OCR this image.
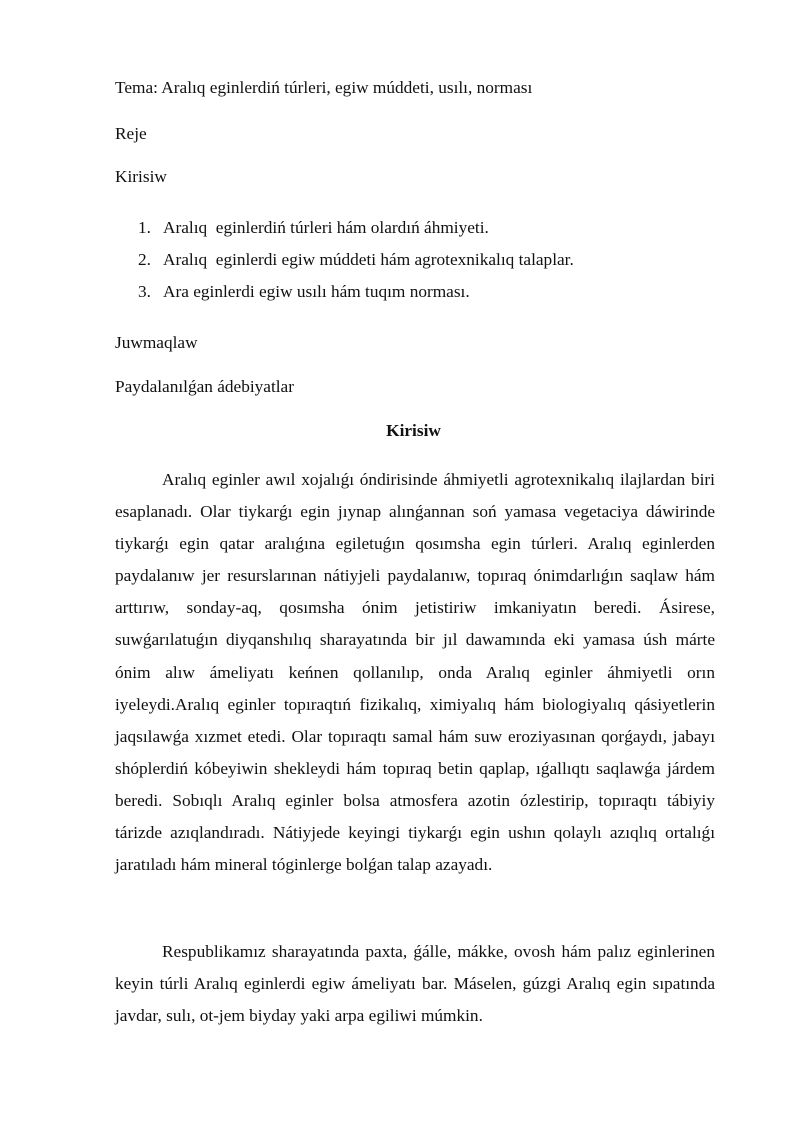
Tema: Aralıq eginlerdiń túrleri, egiw múddeti, usılı, norması
Reje
Kirisiw
1. Aralıq  eginlerdiń túrleri hám olardıń áhmiyeti.
2. Aralıq  eginlerdi egiw múddeti hám agrotexnikalıq talaplar.
3. Ara eginlerdi egiw usılı hám tuqım norması.
Juwmaqlaw
Paydalanılǵan ádebiyatlar
Kirisiw

Aralıq eginler awıl xojalıǵı óndirisinde áhmiyetli agrotexnikalıq ilajlardan biri esaplanadı. Olar tiykarǵı egin jıynap alınǵannan soń yamasa vegetaciya dáwirinde tiykarǵı egin qatar aralıǵına egiletuǵın qosımsha egin túrleri. Aralıq eginlerden paydalanıw jer resurslarınan nátiyjeli paydalanıw, topıraq ónimdarlıǵın saqlaw hám arttırıw, sonday-aq, qosımsha ónim jetistiriw imkaniyatın beredi. Ásirese, suwǵarılatuǵın diyqanshılıq sharayatında bir jıl dawamında eki yamasa úsh márte ónim alıw ámeliyatı keńnen qollanılıp, onda Aralıq eginler áhmiyetli orın iyeleydi.Aralıq eginler topıraqtıń fizikalıq, ximiyalıq hám biologiyalıq qásiyetlerin jaqsılawǵa xızmet etedi. Olar topıraqtı samal hám suw eroziyasınan qorǵaydı, jabayı shóplerdiń kóbeyiwin shekleydi hám topıraq betin qaplap, ıǵallıqtı saqlawǵa járdem beredi. Sobıqlı Aralıq eginler bolsa atmosfera azotin ózlestirip, topıraqtı tábiyiy tárizde azıqlandıradı. Nátiyjede keyingi tiykarǵı egin ushın qolaylı azıqlıq ortalıǵı jaratıladı hám mineral tóginlerge bolǵan talap azayadı.

Respublikamız sharayatında paxta, ǵálle, mákke, ovosh hám palız eginlerinen keyin túrli Aralıq eginlerdi egiw ámeliyatı bar. Máselen, gúzgi Aralıq egin sıpatında javdar, sulı, ot-jem biyday yaki arpa egiliwi múmkin.
